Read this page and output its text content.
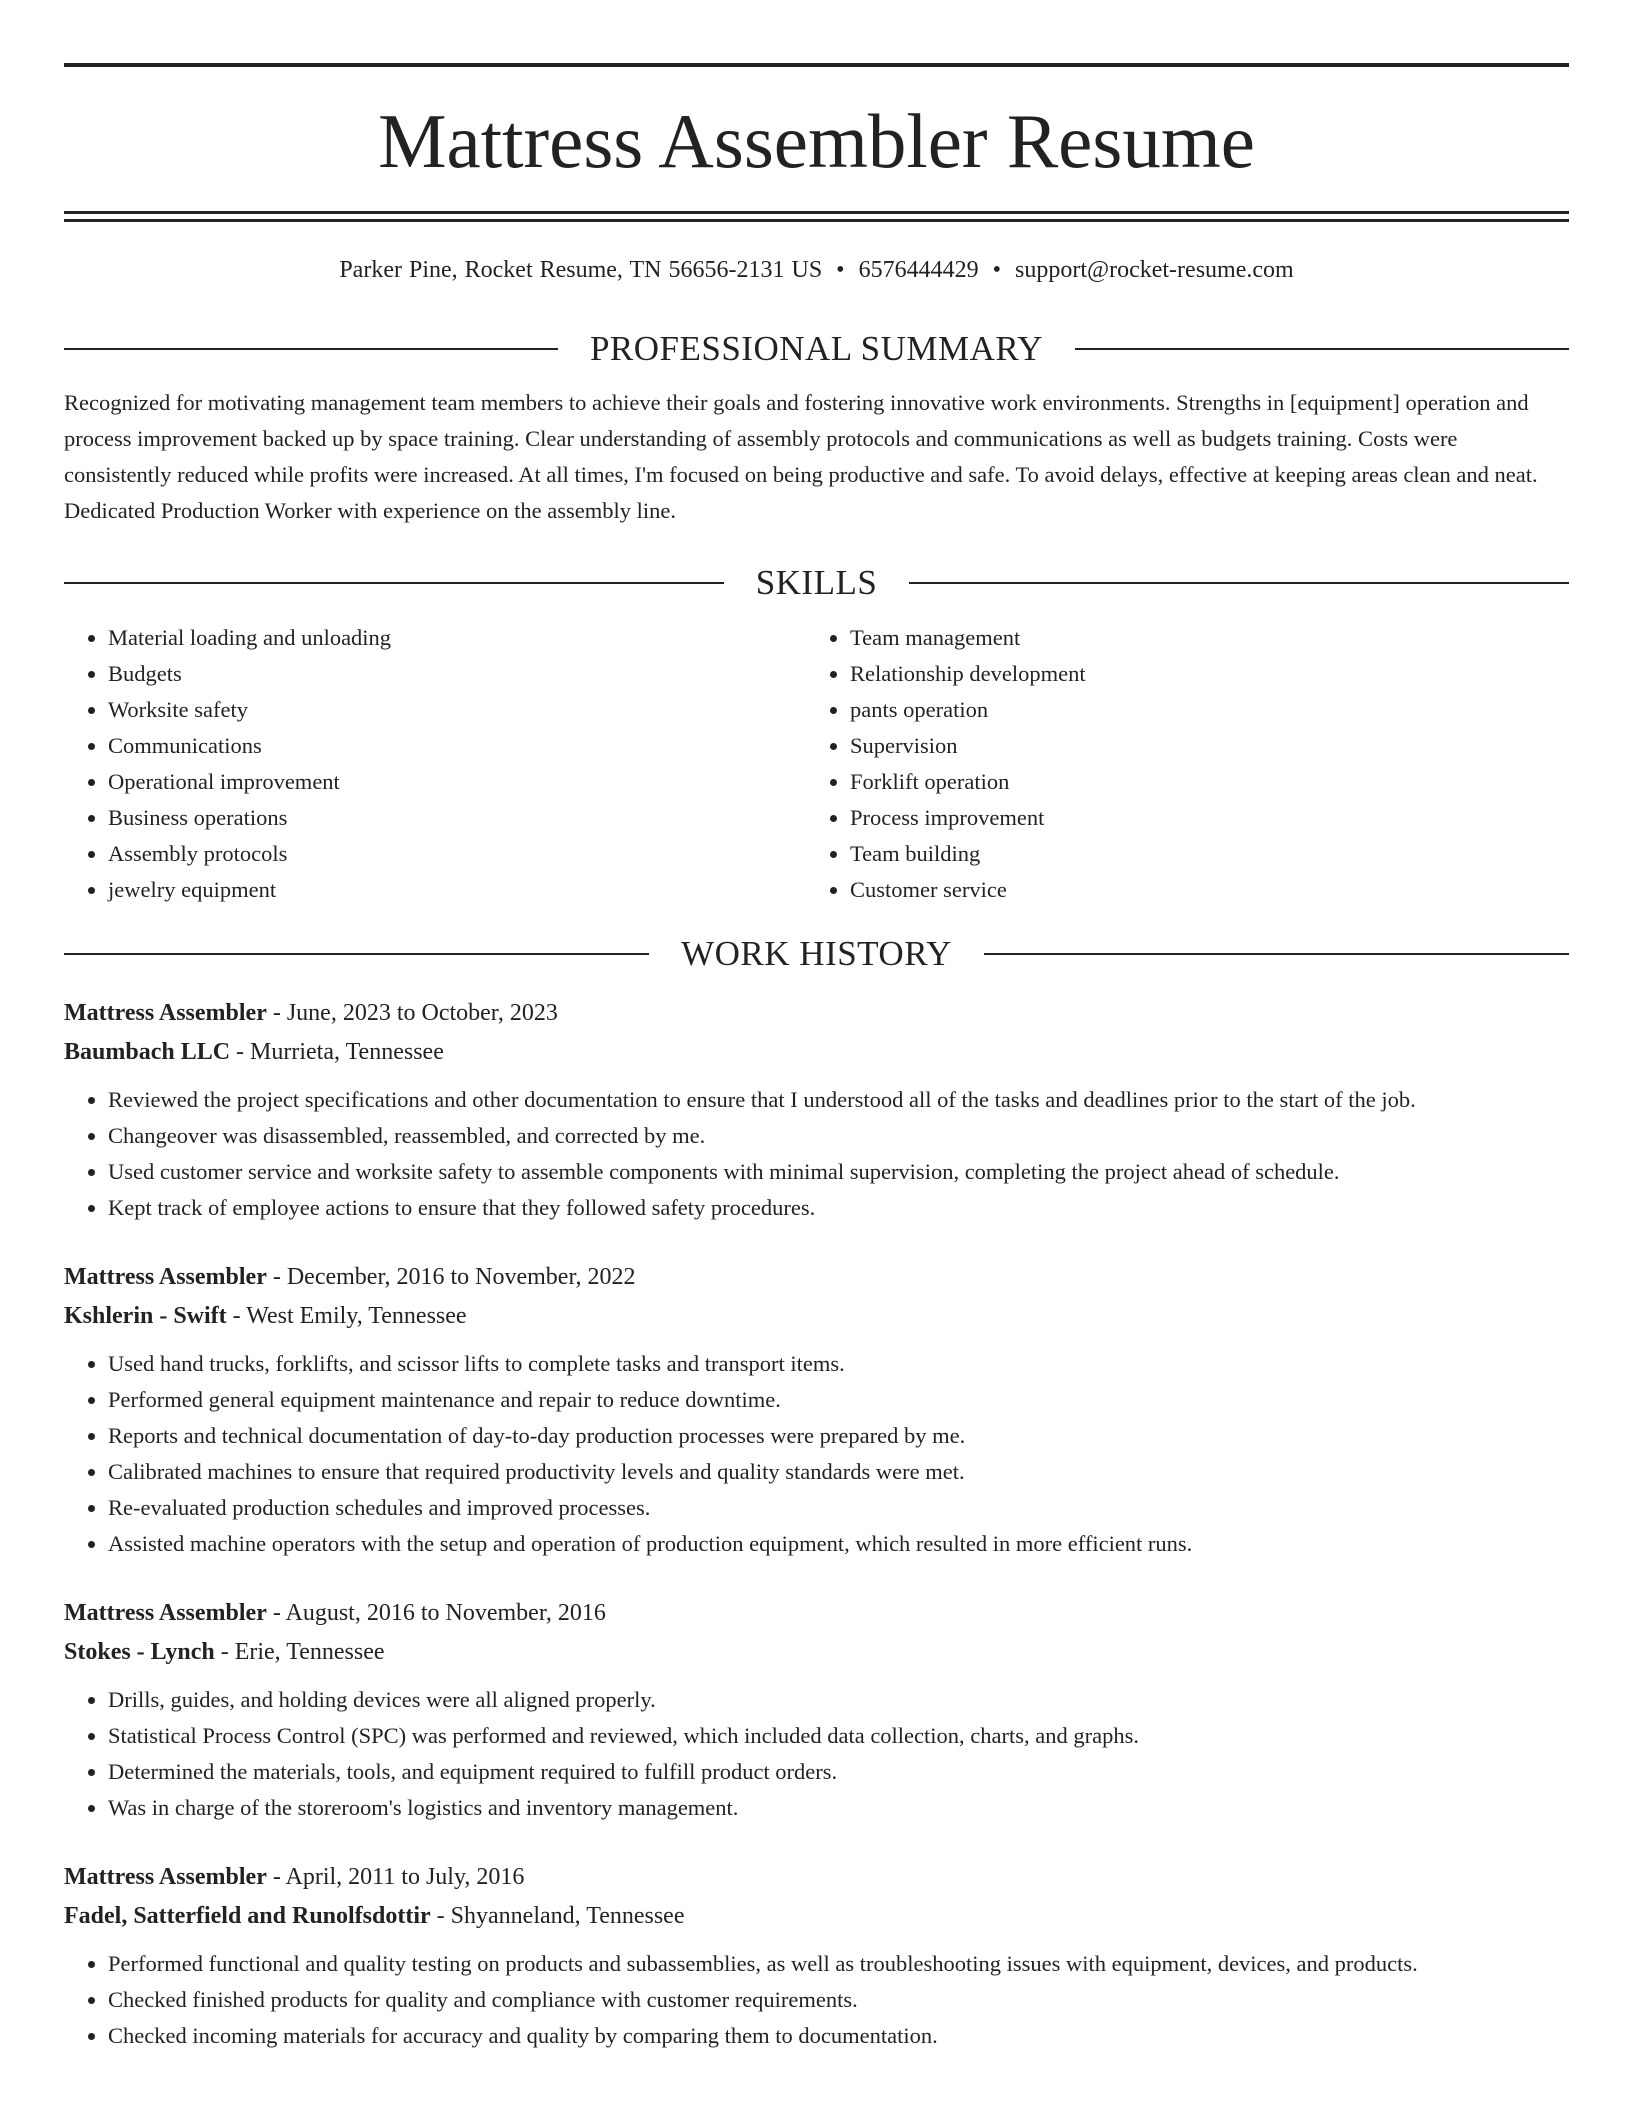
Mattress Assembler Resume
Parker Pine, Rocket Resume, TN 56656-2131 US • 6576444429 • support@rocket-resume.com
PROFESSIONAL SUMMARY
Recognized for motivating management team members to achieve their goals and fostering innovative work environments. Strengths in [equipment] operation and process improvement backed up by space training. Clear understanding of assembly protocols and communications as well as budgets training. Costs were consistently reduced while profits were increased. At all times, I'm focused on being productive and safe. To avoid delays, effective at keeping areas clean and neat. Dedicated Production Worker with experience on the assembly line.
SKILLS
• Material loading and unloading
• Budgets
• Worksite safety
• Communications
• Operational improvement
• Business operations
• Assembly protocols
• jewelry equipment
• Team management
• Relationship development
• pants operation
• Supervision
• Forklift operation
• Process improvement
• Team building
• Customer service
WORK HISTORY
Mattress Assembler - June, 2023 to October, 2023
Baumbach LLC - Murrieta, Tennessee
• Reviewed the project specifications and other documentation to ensure that I understood all of the tasks and deadlines prior to the start of the job.
• Changeover was disassembled, reassembled, and corrected by me.
• Used customer service and worksite safety to assemble components with minimal supervision, completing the project ahead of schedule.
• Kept track of employee actions to ensure that they followed safety procedures.
Mattress Assembler - December, 2016 to November, 2022
Kshlerin - Swift - West Emily, Tennessee
• Used hand trucks, forklifts, and scissor lifts to complete tasks and transport items.
• Performed general equipment maintenance and repair to reduce downtime.
• Reports and technical documentation of day-to-day production processes were prepared by me.
• Calibrated machines to ensure that required productivity levels and quality standards were met.
• Re-evaluated production schedules and improved processes.
• Assisted machine operators with the setup and operation of production equipment, which resulted in more efficient runs.
Mattress Assembler - August, 2016 to November, 2016
Stokes - Lynch - Erie, Tennessee
• Drills, guides, and holding devices were all aligned properly.
• Statistical Process Control (SPC) was performed and reviewed, which included data collection, charts, and graphs.
• Determined the materials, tools, and equipment required to fulfill product orders.
• Was in charge of the storeroom's logistics and inventory management.
Mattress Assembler - April, 2011 to July, 2016
Fadel, Satterfield and Runolfsdottir - Shyanneland, Tennessee
• Performed functional and quality testing on products and subassemblies, as well as troubleshooting issues with equipment, devices, and products.
• Checked finished products for quality and compliance with customer requirements.
• Checked incoming materials for accuracy and quality by comparing them to documentation.
